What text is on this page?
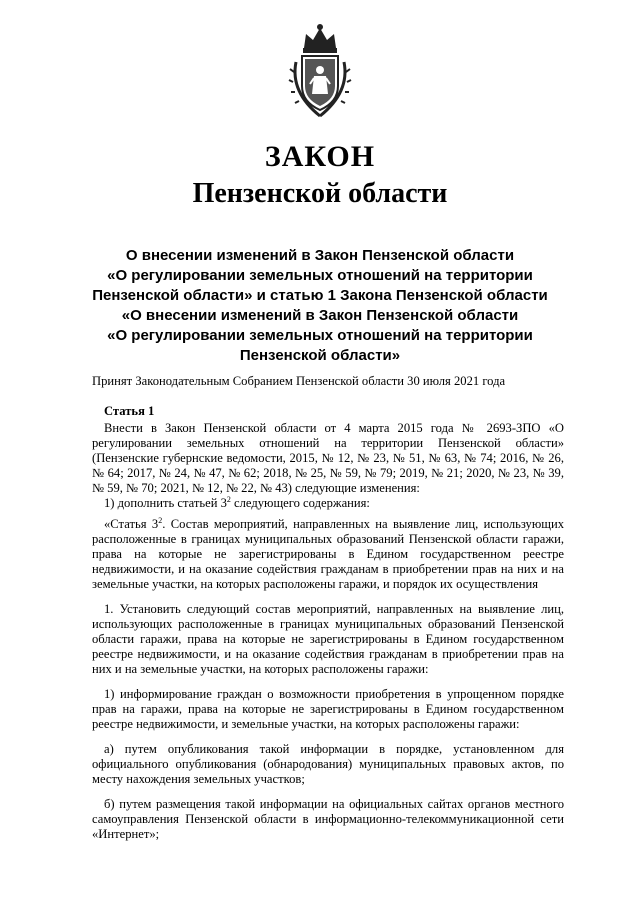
ЗАКОН
Пензенской области
О внесении изменений в Закон Пензенской области
«О регулировании земельных отношений на территории
Пензенской области» и статью 1 Закона Пензенской области
«О внесении изменений в Закон Пензенской области
«О регулировании земельных отношений на территории
Пензенской области»
Принят Законодательным Собранием Пензенской области 30 июля 2021 года
Статья 1

Внести в Закон Пензенской области от 4 марта 2015 года № 2693-ЗПО «О регулировании земельных отношений на территории Пензенской области» (Пензенские губернские ведомости, 2015, № 12, № 23, № 51, № 63, № 74; 2016, № 26, № 64; 2017, № 24, № 47, № 62; 2018, № 25, № 59, № 79; 2019, № 21; 2020, № 23, № 39, № 59, № 70; 2021, № 12, № 22, № 43) следующие изменения:

1) дополнить статьей $3^2$ следующего содержания:

«Статья $3^2$. Состав мероприятий, направленных на выявление лиц, использующих расположенные в границах муниципальных образований Пензенской области гаражи, права на которые не зарегистрированы в Едином государственном реестре недвижимости, и на оказание содействия гражданам в приобретении прав на них и на земельные участки, на которых расположены гаражи, и порядок их осуществления

1. Установить следующий состав мероприятий, направленных на выявление лиц, использующих расположенные в границах муниципальных образований Пензенской области гаражи, права на которые не зарегистрированы в Едином государственном реестре недвижимости, и на оказание содействия гражданам в приобретении прав на них и на земельные участки, на которых расположены гаражи:

1) информирование граждан о возможности приобретения в упрощенном порядке прав на гаражи, права на которые не зарегистрированы в Едином государственном реестре недвижимости, и земельные участки, на которых расположены гаражи:

а) путем опубликования такой информации в порядке, установленном для официального опубликования (обнародования) муниципальных правовых актов, по месту нахождения земельных участков;

б) путем размещения такой информации на официальных сайтах органов местного самоуправления Пензенской области в информационно-телекоммуникационной сети «Интернет»;
